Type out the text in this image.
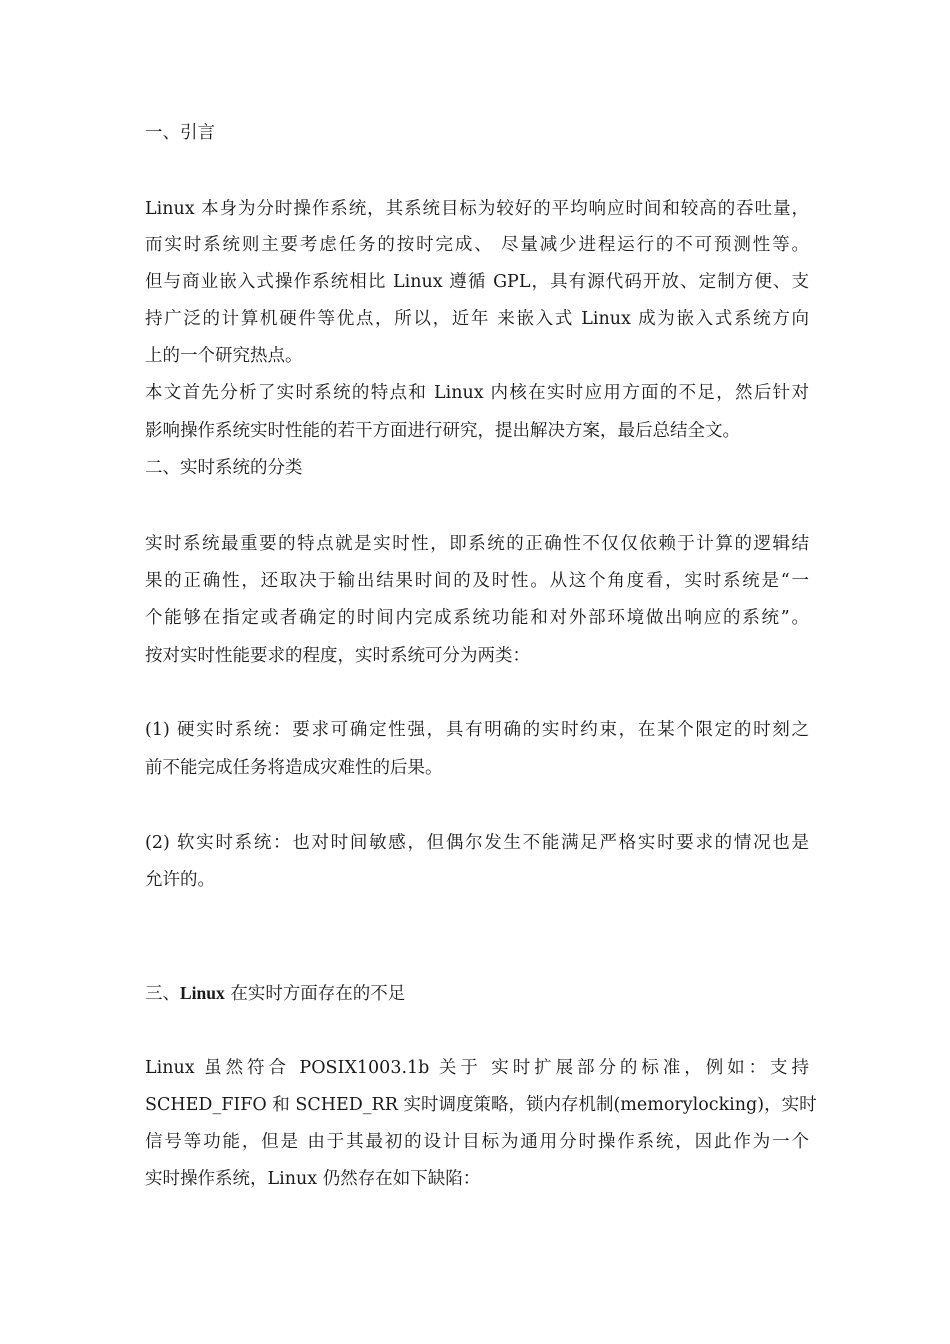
一、引言
Linux 本身为分时操作系统，其系统目标为较好的平均响应时间和较高的吞吐量，
而实时系统则主要考虑任务的按时完成、 尽量减少进程运行的不可预测性等。
但与商业嵌入式操作系统相比 Linux 遵循 GPL，具有源代码开放、定制方便、支
持广泛的计算机硬件等优点，所以，近年 来嵌入式 Linux 成为嵌入式系统方向
上的一个研究热点。
本文首先分析了实时系统的特点和 Linux 内核在实时应用方面的不足，然后针对
影响操作系统实时性能的若干方面进行研究，提出解决方案，最后总结全文。
二、实时系统的分类
实时系统最重要的特点就是实时性，即系统的正确性不仅仅依赖于计算的逻辑结
果的正确性，还取决于输出结果时间的及时性。从这个角度看，实时系统是“一
个能够在指定或者确定的时间内完成系统功能和对外部环境做出响应的系统”。
按对实时性能要求的程度，实时系统可分为两类：
(1) 硬实时系统：要求可确定性强，具有明确的实时约束，在某个限定的时刻之
前不能完成任务将造成灾难性的后果。
(2) 软实时系统：也对时间敏感，但偶尔发生不能满足严格实时要求的情况也是
允许的。
三、Linux 在实时方面存在的不足
Linux 虽然符合 POSIX1003.1b 关于 实时扩展部分的标准，例如：支持
SCHED_FIFO 和 SCHED_RR 实时调度策略，锁内存机制(memorylocking)，实时
信号等功能，但是 由于其最初的设计目标为通用分时操作系统，因此作为一个
实时操作系统，Linux 仍然存在如下缺陷：
